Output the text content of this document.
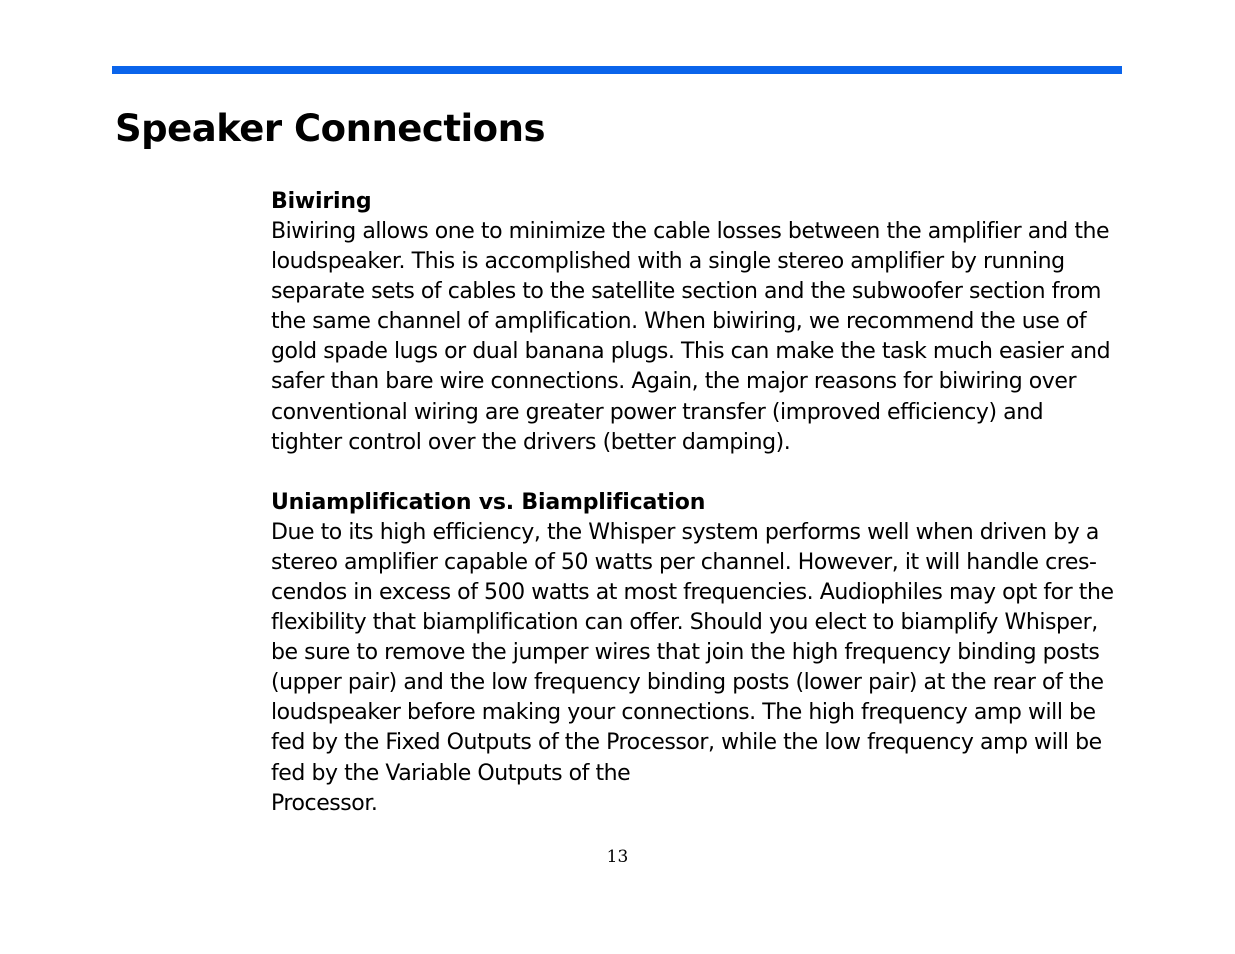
Speaker Connections
Biwiring
Biwiring allows one to minimize the cable losses between the amplifier and the
loudspeaker. This is accomplished with a single stereo amplifier by running
separate sets of cables to the satellite section and the subwoofer section from
the same channel of amplification. When biwiring, we recommend the use of
gold spade lugs or dual banana plugs. This can make the task much easier and
safer than bare wire connections. Again, the major reasons for biwiring over
conventional wiring are greater power transfer (improved efficiency) and
tighter control over the drivers (better damping).
Uniamplification vs. Biamplification
Due to its high efficiency, the Whisper system performs well when driven by a
stereo amplifier capable of 50 watts per channel. However, it will handle cres-
cendos in excess of 500 watts at most frequencies. Audiophiles may opt for the
flexibility that biamplification can offer. Should you elect to biamplify Whisper,
be sure to remove the jumper wires that join the high frequency binding posts
(upper pair) and the low frequency binding posts (lower pair) at the rear of the
loudspeaker before making your connections. The high frequency amp will be
fed by the Fixed Outputs of the Processor, while the low frequency amp will be
fed by the Variable Outputs of the
Processor.
13
